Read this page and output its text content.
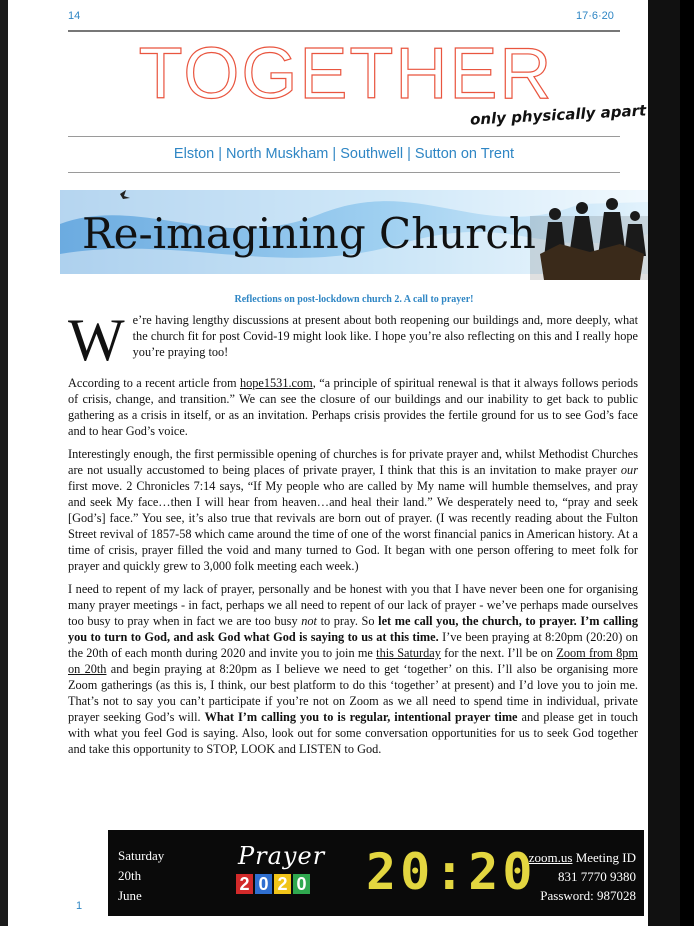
14	17·6·20
TOGETHER
only physically apart
Elston | North Muskham | Southwell | Sutton on Trent
Re-imagining Church
Reflections on post-lockdown church 2. A call to prayer!

We’re having lengthy discussions at present about both reopening our buildings and, more deeply, what the church fit for post Covid-19 might look like. I hope you’re also reflecting on this and I really hope you’re praying too!

According to a recent article from hope1531.com, “a principle of spiritual renewal is that it always follows periods of crisis, change, and transition.” We can see the closure of our buildings and our inability to get back to public gathering as a crisis in itself, or as an invitation. Perhaps crisis provides the fertile ground for us to see God’s face and to hear God’s voice.

Interestingly enough, the first permissible opening of churches is for private prayer and, whilst Methodist Churches are not usually accustomed to being places of private prayer, I think that this is an invitation to make prayer our first move. 2 Chronicles 7:14 says, “If My people who are called by My name will humble themselves, and pray and seek My face…then I will hear from heaven…and heal their land.” We desperately need to, “pray and seek [God’s] face.” You see, it’s also true that revivals are born out of prayer. (I was recently reading about the Fulton Street revival of 1857-58 which came around the time of one of the worst financial panics in American history. At a time of crisis, prayer filled the void and many turned to God. It began with one person offering to meet folk for prayer and quickly grew to 3,000 folk meeting each week.)

I need to repent of my lack of prayer, personally and be honest with you that I have never been one for organising many prayer meetings - in fact, perhaps we all need to repent of our lack of prayer - we’ve perhaps made ourselves too busy to pray when in fact we are too busy not to pray. So let me call you, the church, to prayer. I’m calling you to turn to God, and ask God what God is saying to us at this time. I’ve been praying at 8:20pm (20:20) on the 20th of each month during 2020 and invite you to join me this Saturday for the next. I’ll be on Zoom from 8pm on 20th and begin praying at 8:20pm as I believe we need to get ‘together’ on this. I’ll also be organising more Zoom gatherings (as this is, I think, our best platform to do this ‘together’ at present) and I’d love you to join me. That’s not to say you can’t participate if you’re not on Zoom as we all need to spend time in individual, private prayer seeking God’s will. What I’m calling you to is regular, intentional prayer time and please get in touch with what you feel God is saying. Also, look out for some conversation opportunities for us to seek God together and take this opportunity to STOP, LOOK and LISTEN to God.

Saturday
20th
June
Prayer
2 0 2 0 20:20
zoom.us Meeting ID
831 7770 9380
Password: 987028
1
